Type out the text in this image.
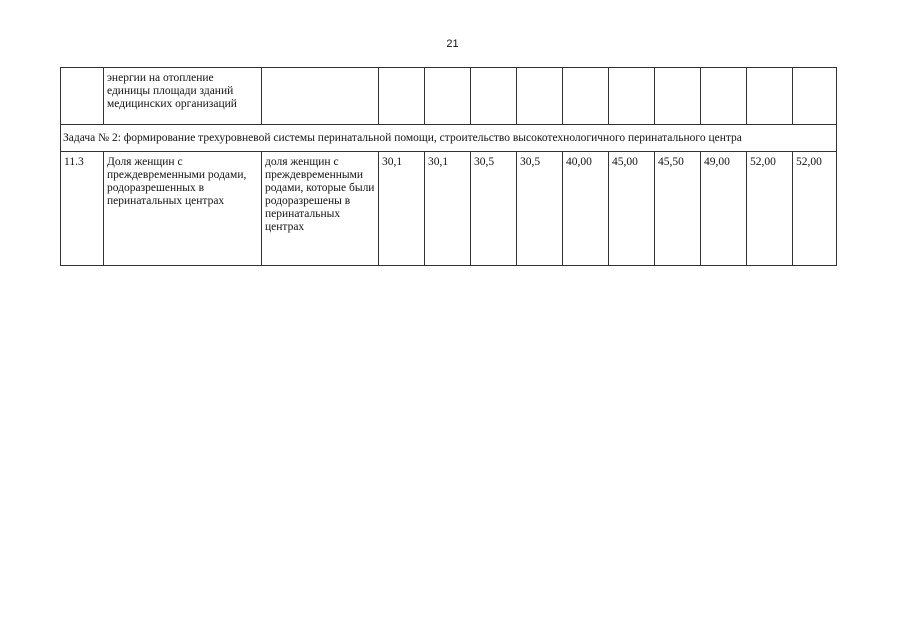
21
	энергии на отопление единицы площади зданий медицинских организаций											
Задача № 2: формирование трехуровневой системы перинатальной помощи, строительство высокотехнологичного перинатального центра												
11.3	Доля женщин с преждевременными родами, родоразрешенных в перинатальных центрах	доля женщин с преждевременными родами, которые были родоразрешены в перинатальных центрах	30,1	30,1	30,5	30,5	40,00	45,00	45,50	49,00	52,00	52,00
